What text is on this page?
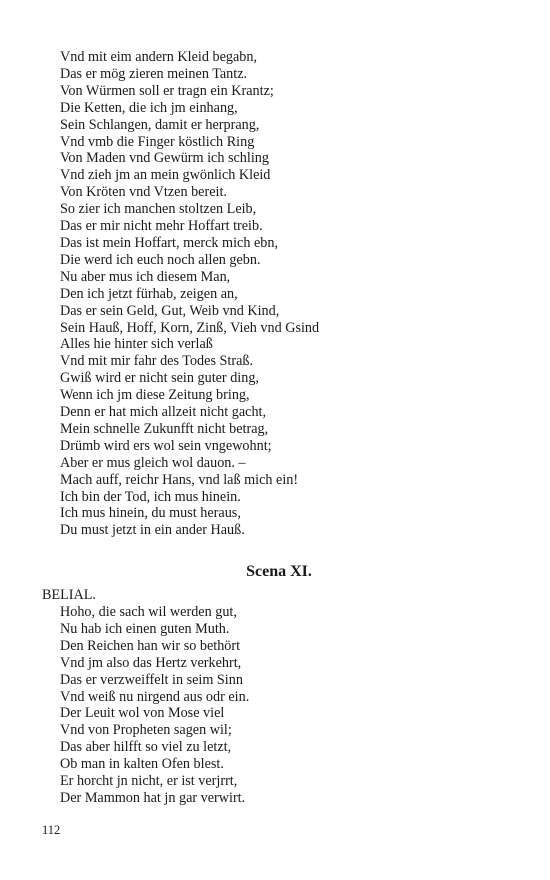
Vnd mit eim andern Kleid begabn,
Das er mög zieren meinen Tantz.
Von Würmen soll er tragn ein Krantz;
Die Ketten, die ich jm einhang,
Sein Schlangen, damit er herprang,
Vnd vmb die Finger köstlich Ring
Von Maden vnd Gewürm ich schling
Vnd zieh jm an mein gwönlich Kleid
Von Kröten vnd Vtzen bereit.
So zier ich manchen stoltzen Leib,
Das er mir nicht mehr Hoffart treib.
Das ist mein Hoffart, merck mich ebn,
Die werd ich euch noch allen gebn.
Nu aber mus ich diesem Man,
Den ich jetzt fürhab, zeigen an,
Das er sein Geld, Gut, Weib vnd Kind,
Sein Hauß, Hoff, Korn, Zinß, Vieh vnd Gsind
Alles hie hinter sich verlaß
Vnd mit mir fahr des Todes Straß.
Gwiß wird er nicht sein guter ding,
Wenn ich jm diese Zeitung bring,
Denn er hat mich allzeit nicht gacht,
Mein schnelle Zukunfft nicht betrag,
Drümb wird ers wol sein vngewohnt;
Aber er mus gleich wol dauon. –
Mach auff, reichr Hans, vnd laß mich ein!
Ich bin der Tod, ich mus hinein.
Ich mus hinein, du must heraus,
Du must jetzt in ein ander Hauß.
Scena XI.
BELIAL.
Hoho, die sach wil werden gut,
Nu hab ich einen guten Muth.
Den Reichen han wir so bethört
Vnd jm also das Hertz verkehrt,
Das er verzweiffelt in seim Sinn
Vnd weiß nu nirgend aus odr ein.
Der Leuit wol von Mose viel
Vnd von Propheten sagen wil;
Das aber hilfft so viel zu letzt,
Ob man in kalten Ofen blest.
Er horcht jn nicht, er ist verjrrt,
Der Mammon hat jn gar verwirt.
112
